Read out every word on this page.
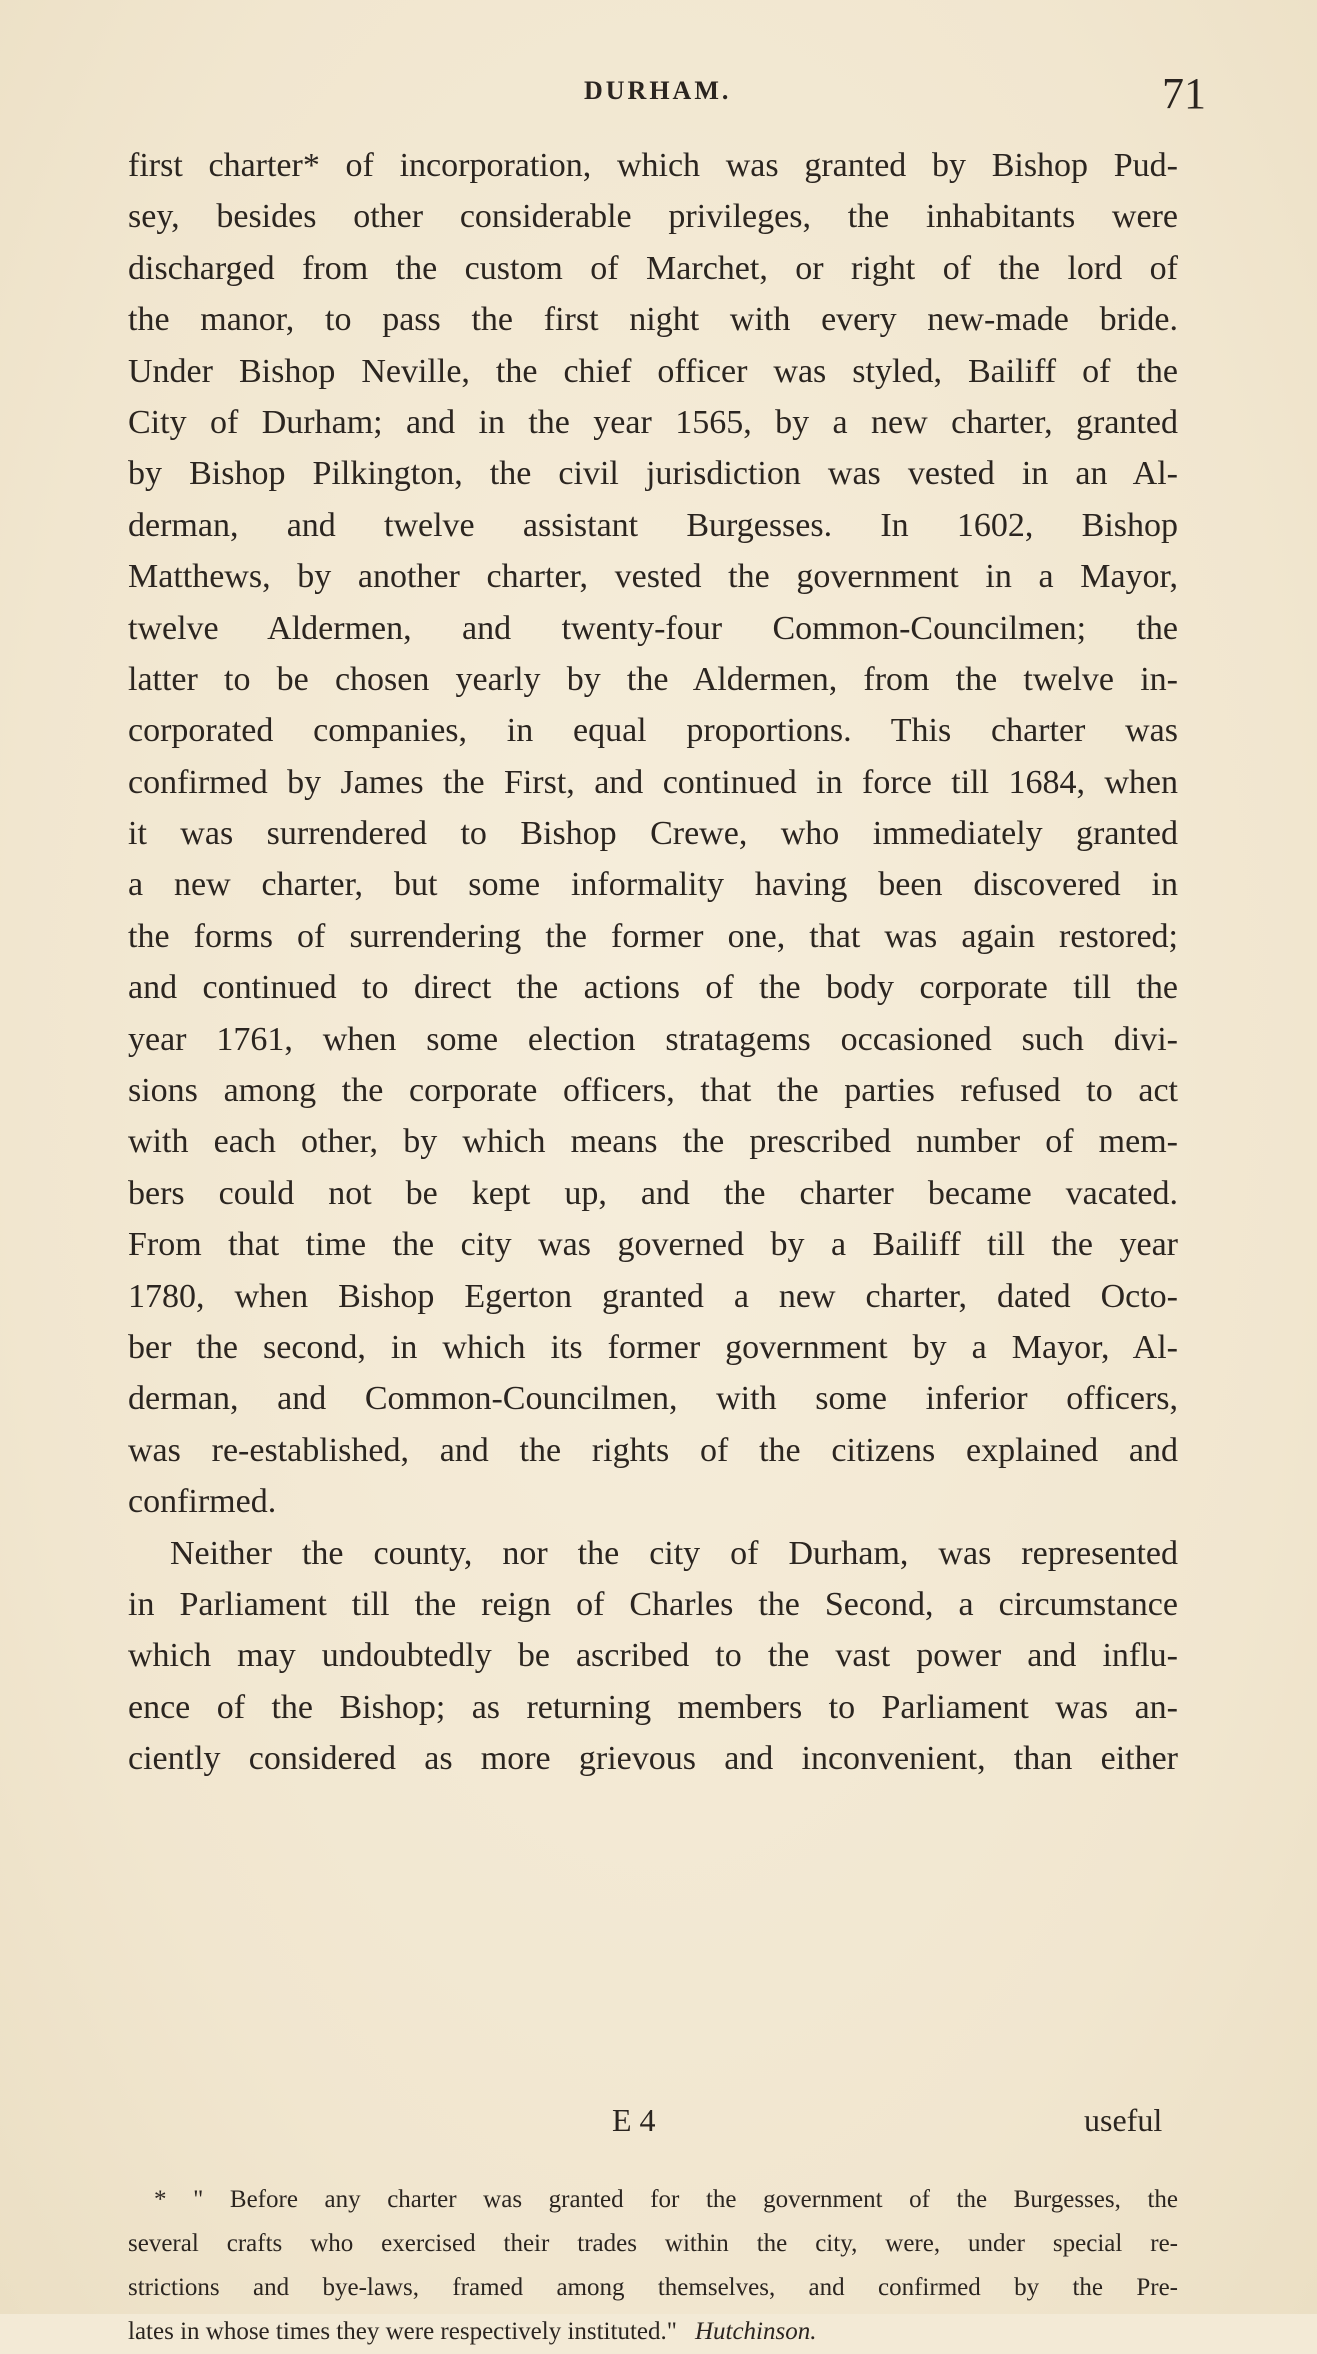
DURHAM.	71
first charter* of incorporation, which was granted by Bishop Pud-
sey, besides other considerable privileges, the inhabitants were
discharged from the custom of Marchet, or right of the lord of
the manor, to pass the first night with every new-made bride.
Under Bishop Neville, the chief officer was styled, Bailiff of the
City of Durham; and in the year 1565, by a new charter, granted
by Bishop Pilkington, the civil jurisdiction was vested in an Al-
derman, and twelve assistant Burgesses. In 1602, Bishop
Matthews, by another charter, vested the government in a Mayor,
twelve Aldermen, and twenty-four Common-Councilmen; the
latter to be chosen yearly by the Aldermen, from the twelve in-
corporated companies, in equal proportions. This charter was
confirmed by James the First, and continued in force till 1684, when
it was surrendered to Bishop Crewe, who immediately granted
a new charter, but some informality having been discovered in
the forms of surrendering the former one, that was again restored;
and continued to direct the actions of the body corporate till the
year 1761, when some election stratagems occasioned such divi-
sions among the corporate officers, that the parties refused to act
with each other, by which means the prescribed number of mem-
bers could not be kept up, and the charter became vacated.
From that time the city was governed by a Bailiff till the year
1780, when Bishop Egerton granted a new charter, dated Octo-
ber the second, in which its former government by a Mayor, Al-
derman, and Common-Councilmen, with some inferior officers,
was re-established, and the rights of the citizens explained and
confirmed.
Neither the county, nor the city of Durham, was represented
in Parliament till the reign of Charles the Second, a circumstance
which may undoubtedly be ascribed to the vast power and influ-
ence of the Bishop; as returning members to Parliament was an-
ciently considered as more grievous and inconvenient, than either
E 4	useful
* " Before any charter was granted for the government of the Burgesses, the
several crafts who exercised their trades within the city, were, under special re-
strictions and bye-laws, framed among themselves, and confirmed by the Pre-
lates in whose times they were respectively instituted." Hutchinson.
